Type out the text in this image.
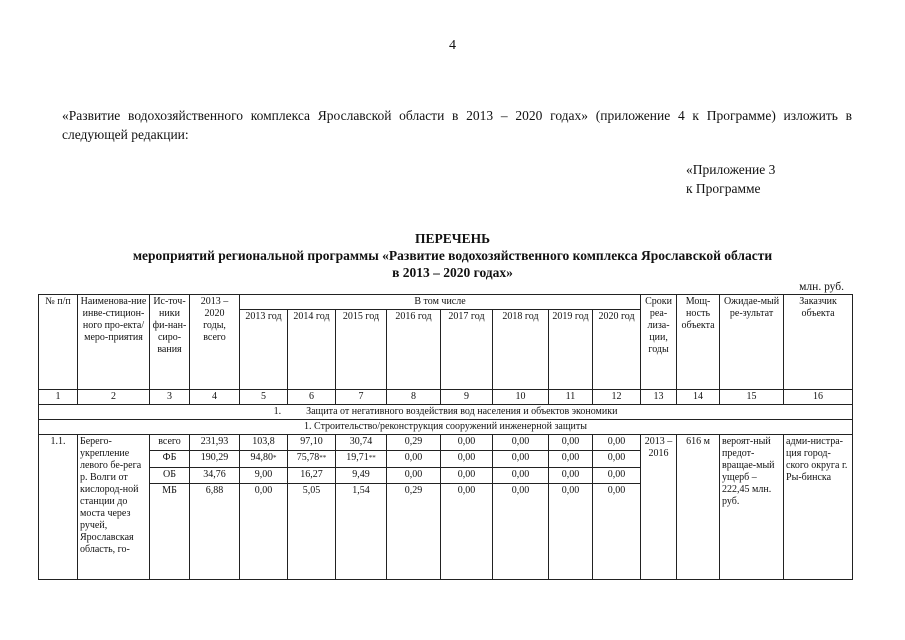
4
«Развитие водохозяйственного комплекса Ярославской области в 2013 – 2020 годах» (приложение 4 к Программе) изложить в следующей редакции:
«Приложение 3
к Программе
ПЕРЕЧЕНЬ
мероприятий региональной программы «Развитие водохозяйственного комплекса Ярославской области
в 2013 – 2020 годах»
млн. руб.
№ п/п	Наименова-ние инве-стицион-ного про-екта/меро-приятия	Ис-точ-ники фи-нан-сиро-вания	2013 – 2020 годы, всего	В том числе								Сроки реа-лиза-ции, годы	Мощ-ность объекта	Ожидае-мый ре-зультат	Заказчик объекта
				2013 год	2014 год	2015 год	2016 год	2017 год	2018 год	2019 год	2020 год				
1	2	3	4	5	6	7	8	9	10	11	12	13	14	15	16
1.          Защита от негативного воздействия вод населения и объектов экономики															
1. Строительство/реконструкция сооружений инженерной защиты															
1.1.	Берего-укрепление левого бе-рега р. Волги от кислород-ной станции до моста через ручей, Ярославская область, го-	всего	231,93	103,8	97,10	30,74	0,29	0,00	0,00	0,00	0,00	2013 – 2016	616 м	вероят-ный предот-вращае-мый ущерб – 222,45 млн. руб.	адми-нистра-ция город-ского округа г. Ры-бинска
		ФБ	190,29	94,80*	75,78**	19,71**	0,00	0,00	0,00	0,00	0,00				
		ОБ	34,76	9,00	16,27	9,49	0,00	0,00	0,00	0,00	0,00				
		МБ	6,88	0,00	5,05	1,54	0,29	0,00	0,00	0,00	0,00				
